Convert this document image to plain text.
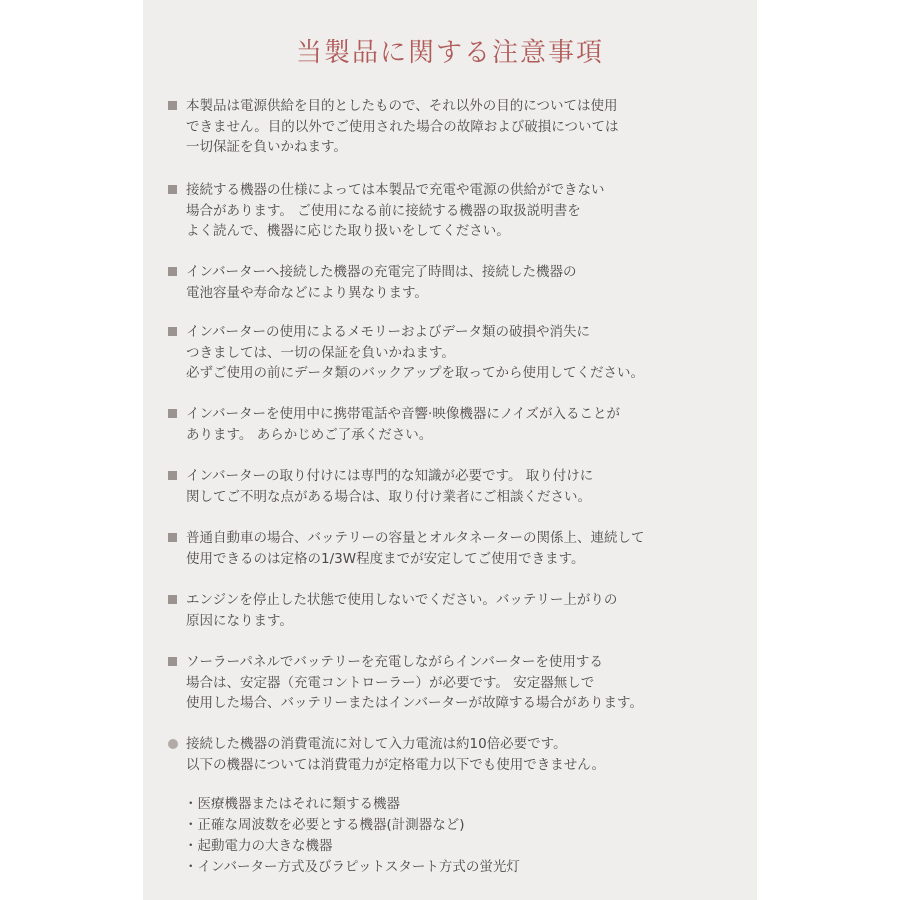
当製品に関する注意事項
本製品は電源供給を目的としたもので、それ以外の目的については使用
できません。目的以外でご使用された場合の故障および破損については
一切保証を負いかねます。
接続する機器の仕様によっては本製品で充電や電源の供給ができない
場合があります。 ご使用になる前に接続する機器の取扱説明書を
よく読んで、機器に応じた取り扱いをしてください。
インバーターへ接続した機器の充電完了時間は、接続した機器の
電池容量や寿命などにより異なります。
インバーターの使用によるメモリーおよびデータ類の破損や消失に
つきましては、一切の保証を負いかねます。
必ずご使用の前にデータ類のバックアップを取ってから使用してください。
インバーターを使用中に携帯電話や音響·映像機器にノイズが入ることが
あります。 あらかじめご了承ください。
インバーターの取り付けには専門的な知識が必要です。 取り付けに
関してご不明な点がある場合は、取り付け業者にご相談ください。
普通自動車の場合、バッテリーの容量とオルタネーターの関係上、連続して
使用できるのは定格の1/3W程度までが安定してご使用できます。
エンジンを停止した状態で使用しないでください。バッテリー上がりの
原因になります。
ソーラーパネルでバッテリーを充電しながらインバーターを使用する
場合は、安定器（充電コントローラー）が必要です。 安定器無しで
使用した場合、バッテリーまたはインバーターが故障する場合があります。
接続した機器の消費電流に対して入力電流は約10倍必要です。
以下の機器については消費電力が定格電力以下でも使用できません。
・医療機器またはそれに類する機器
・正確な周波数を必要とする機器(計測器など)
・起動電力の大きな機器
・インバーター方式及びラピットスタート方式の蛍光灯
